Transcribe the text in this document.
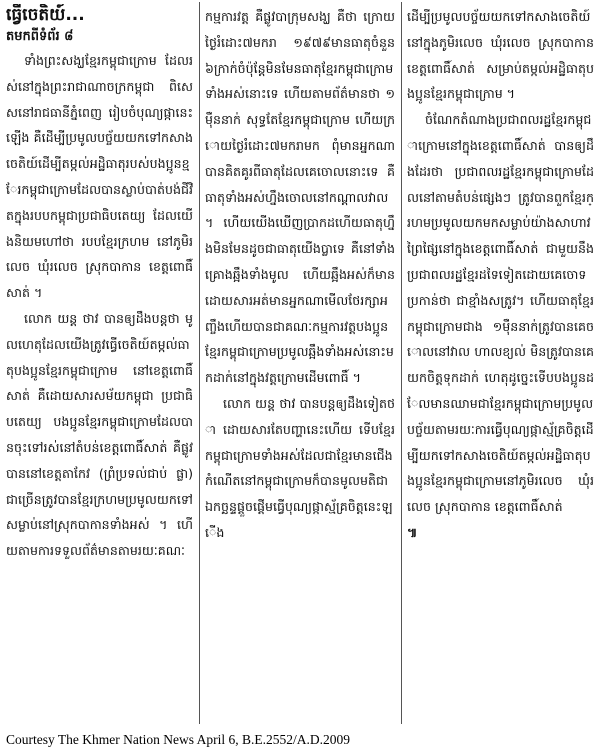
ធ្វើចេតិយ៍...
តមកពីទំព័រ ៨
ទាំងព្រះសង្ឃខ្មែរកម្ពុជាក្រោម ដែលរស់នៅក្នុងព្រះរាជាណាចក្រកម្ពុជា ពិសេសនៅរាជធានីភ្នំពេញ រៀបចំបុណ្យផ្កានេះឡើង គឺដើម្បីប្រមូលបច្ច័យយកទៅកសាងចេតិយ៍ដើម្បីតម្កល់អដ្ឋិធាតុរបស់បងប្អូនខ្មែរកម្ពុជាក្រោមដែលបានស្លាប់បាត់បង់ជីវិតក្នុងរបបកម្ពុជាប្រជាធិបតេយ្យ ដែលយើងនិយមហៅថា របបខ្មែរក្រហម នៅភូមិរលេច ឃុំរលេច ស្រុកបាកាន ខេត្តពោធិ៍សាត់ ។
លោក យន្ត ថាវ បានឲ្យដឹងបន្តថា មូលហេតុដែលយើងត្រូវធ្វើចេតិយ៍តម្កល់ធាតុបងប្អូនខ្មែរកម្ពុជាក្រោម នៅខេត្តពោធិ៍សាត់ គឺដោយសារសម័យកម្ពុជា ប្រជាធិបតេយ្យ បងប្អូនខ្មែរកម្ពុជាក្រោមដែលបានចុះទៅរស់នៅតំបន់ខេត្តពោធិ៍សាត់ គឺផ្លូវបាននៅខេត្តតាកែវ (ព្រំប្រទល់ជាប់ ផ្លា) ជាច្រើនត្រូវបានខ្មែរក្រហមប្រមូលយកទៅសម្លាប់នៅស្រុកបាកានទាំងអស់ ។ ហើយតាមការទទួលព័ត៌មានតាមរយៈគណៈ
កម្មការវត្ត គឺផ្លូវបាក្រុមសង្ឃ គឺថា ក្រោយថ្ងៃរំដោះ៧មករា ១៩៧៩មានធាតុចំនួន ៦ក្រាក់ចំប៉ុន្ដែមិនមែនធាតុខ្មែរកម្ពុជាក្រោមទាំងអស់នោះទេ ហើយតាមព័ត៌មានថា ១ម៉ឺននាក់ សុទ្ធតែខ្មែរកម្ពុជាក្រោម ហើយក្រោយថ្ងៃរំដោះ៧មករាមក ពុំមានអ្នកណាបានគិតគូរពីធាតុដែលគេចោលនោះទេ គឺធាតុទាំងអស់ហ្នឹងចោលនៅកណ្ដាលវាល ។ ហើយយើងឃើញប្រាកដហើយធាតុហ្នឹងមិនមែនដូចជាធាតុយើងប្លាទេ គឺនៅទាំងគ្រោងឆ្អឹងទាំងមូល ហើយឆ្អឹងអស់ក៏មាន ដោយសារអត់មានអ្នកណាមើលថែរក្សាអញ្ចឹងហើយបានជាគណៈកម្មការវត្តបងប្អូនខ្មែរកម្ពុជាក្រោមប្រមូលឆ្អឹងទាំងអស់នោះមកដាក់នៅក្នុងវត្តក្រោមដើមពោធិ៍ ។
លោក យន្ត ថាវ បានបន្តឲ្យដឹងទៀតថា ដោយសារតែបញ្ហានេះហើយ ទើបខ្មែរកម្ពុជាក្រោមទាំងអស់ដែលជាខ្មែរមានជើងកំណើតនៅកម្ពុជាក្រោមក៏បានមូលមតិជាឯកច្ឆន្ទផ្តួចផ្ដើមធ្វើបុណ្យផ្កាស្ម័គ្រចិត្តនេះឡើង
ដើម្បីប្រមូលបច្ច័យយកទៅកសាងចេតិយ៍នៅក្នុងភូមិរលេច ឃុំរលេច ស្រុកបាកាន ខេត្តពោធិ៍សាត់ សម្រាប់តម្កល់អដ្ឋិធាតុបងប្អូនខ្មែរកម្ពុជាក្រោម ។
ចំណែកតំណាងប្រជាពលរដ្ឋខ្មែរកម្ពុជាក្រោមនៅក្នុងខេត្តពោធិ៍សាត់ បានឲ្យដឹងដែរថា ប្រជាពលរដ្ឋខ្មែរកម្ពុជាក្រោមដែលនៅតាមតំបន់ផ្សេងៗ ត្រូវបានពួកខ្មែរក្រហមប្រមូលយកមកសម្លាប់យ៉ាងសាហាវព្រៃផ្សៃនៅក្នុងខេត្តពោធិ៍សាត់ ជាមួយនឹងប្រជាពលរដ្ឋខ្មែរដទៃទៀតដោយគេចោទប្រកាន់ថា ជាខ្មាំងសត្រូវ។ ហើយធាតុខ្មែរកម្ពុជាក្រោមជាង ១ម៉ឺននាក់ត្រូវបានគេចោលនៅវាល ហាលខ្យល់ មិនត្រូវបានគេយកចិត្តទុកដាក់ ហេតុដូច្នេះទើបបងប្អូនដែលមានឈាមជាខ្មែរកម្ពុជាក្រោមប្រមូលបច្ច័យតាមរយៈការធ្វើបុណ្យផ្កាស្ម័គ្រចិត្តដើម្បីយកទៅកសាងចេតិយ៍តម្កល់អដ្ឋិធាតុបងប្អូនខ្មែរកម្ពុជាក្រោមនៅភូមិរលេច ឃុំរលេច ស្រុកបាកាន ខេត្តពោធិ៍សាត់
៕
Courtesy The Khmer Nation News April 6, B.E.2552/A.D.2009
